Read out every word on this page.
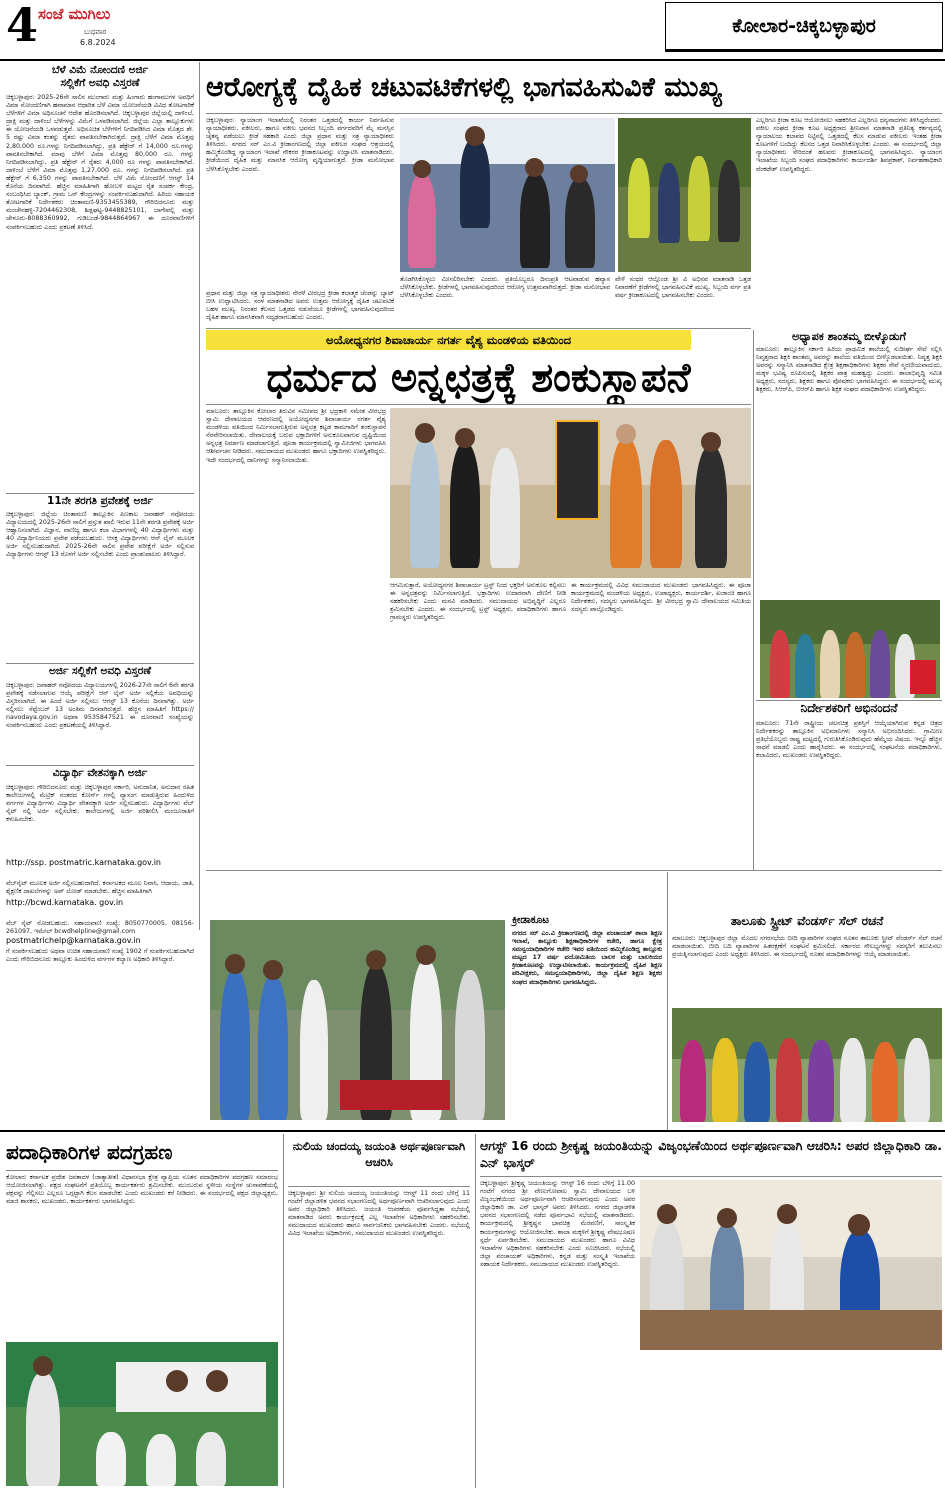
4 ಸಂಜೆ ಮುಗಿಲು
ಬುಧವಾರ
6.8.2024
ಕೋಲಾರ-ಚಿಕ್ಕಬಳ್ಳಾಪುರ
ಬೆಳೆ ವಿಮೆ ನೋಂದಣಿ ಅರ್ಜಿ ಸಲ್ಲಿಕೆಗೆ ಅವಧಿ ವಿಸ್ತರಣೆ
ಚಿಕ್ಕಬಳ್ಳಾಪುರ: 2025-26ನೇ ಸಾಲಿನ ಮುಂಗಾರು ಮತ್ತು ಹಿಂಗಾರು ಹಂಗಾಮುಗಳ ಅವಧಿಗೆ ವಿಮಾ ನೋಂದಣಿಗಾಗಿ ಹವಾಮಾನ ಆಧಾರಿತ ಬೆಳೆ ವಿಮಾ ಯೋಜನೆಯಡಿ ವಿವಿಧ ತೋಟಗಾರಿಕೆ ಬೆಳೆಗಳಿಗೆ ವಿಮಾ ಅಧಿಸೂಚನೆ ಆದೇಶ ಹೊರಡಿಸಲಾಗಿದೆ. ಚಿಕ್ಕಬಳ್ಳಾಪುರ ಜಿಲ್ಲೆಯಲ್ಲಿ ದಾಳಿಂಬೆ, ದ್ರಾಕ್ಷಿ ಮತ್ತು ದಾಳಿಂಬೆ ಬೆಳೆಗಳನ್ನು ವಿಮೆಗೆ ಒಳಪಡಿಸಲಾಗಿದೆ. ಜಿಲ್ಲೆಯ ಎಲ್ಲಾ ತಾಲ್ಲೂಕುಗಳು ಈ ಯೋಜನೆಯಡಿ ಒಳಪಡುತ್ತವೆ. ಅಧಿಸೂಚಿತ ಬೆಳೆಗಳಿಗೆ ನಿಗದಿಪಡಿಸಿದ ವಿಮಾ ಮೊತ್ತದ ಶೇ. 5 ರಷ್ಟು ವಿಮಾ ಕಂತನ್ನು ರೈತರು ಪಾವತಿಸಬೇಕಾಗಿರುತ್ತದೆ. ದ್ರಾಕ್ಷಿ ಬೆಳೆಗೆ ವಿಮಾ ಮೊತ್ತವು 2,80,000 ರೂ.ಗಳನ್ನು ನಿಗದಿಪಡಿಸಲಾಗಿದ್ದು, ಪ್ರತಿ ಹೆಕ್ಟೇರ್ ಗೆ 14,000 ರೂ.ಗಳನ್ನು ಪಾವತಿಸಬೇಕಾಗಿದೆ. ಮಾವು ಬೆಳೆಗೆ ವಿಮಾ ಮೊತ್ತವು 80,000 ರೂ. ಗಳನ್ನು ನಿಗದಿಪಡಿಸಲಾಗಿದ್ದು, ಪ್ರತಿ ಹೆಕ್ಟೇರ್ ಗೆ ರೈತರು 4,000 ರೂ ಗಳನ್ನು ಪಾವತಿಸಬೇಕಾಗಿದೆ. ದಾಳಿಂಬೆ ಬೆಳೆಗೆ ವಿಮಾ ಮೊತ್ತವು 1,27,000 ರೂ. ಗಳನ್ನು ನಿಗದಿಪಡಿಸಲಾಗಿದೆ. ಪ್ರತಿ ಹೆಕ್ಟೇರ್ ಗೆ 6,350 ಗಳನ್ನು ಪಾವತಿಸಬೇಕಾಗಿದೆ. ಬೆಳೆ ವಿಮೆ ನೋಂದಣಿಗೆ ಆಗಸ್ಟ್ 14 ಕೊನೆಯ ದಿನವಾಗಿದೆ. ಹೆಚ್ಚಿನ ಮಾಹಿತಿಗಾಗಿ ಹೋಬಳಿ ಮಟ್ಟದ ರೈತ ಸಂಪರ್ಕ ಕೇಂದ್ರ, ಸಂಬಂಧಿಸಿದ ಬ್ಯಾಂಕ್, ಗ್ರಾಮ ಒನ್ ಕೇಂದ್ರಗಳನ್ನು ಸಂಪರ್ಕಿಸಬಹುದಾಗಿದೆ. ಹಿರಿಯ ಸಹಾಯಕ ತೋಟಗಾರಿಕೆ ನಿರ್ದೇಶಕರು ಚಿಂತಾಮಣಿ-9353455389, ಗೌರಿಬಿದನೂರು ಮತ್ತು ಮಂಚೇನಹಳ್ಳಿ-7204462308, ಶಿಡ್ಲಘಟ್ಟ-9448825101, ಬಾಗೇಪಲ್ಲಿ ಮತ್ತು ಚೇಳೂರು-8088360992, ಗುಡಿಬಂಡೆ-9844864967 ಈ ದೂರವಾಣಿಗಳಿಗೆ ಸಂಪರ್ಕಿಸಬಹುದು ಎಂದು ಪ್ರಕಟಣೆ ತಿಳಿಸಿದೆ.
11ನೇ ತರಗತಿ ಪ್ರವೇಶಕ್ಕೆ ಅರ್ಜಿ
ಚಿಕ್ಕಬಳ್ಳಾಪುರ: ಜಿಲ್ಲೆಯ ಚಿಂತಾಮಣಿ ತಾಲ್ಲೂಕಿನ ಪಿಣಕಾಲ ಜವಾಹರ್ ನವೋದಯ ವಿದ್ಯಾಲಯದಲ್ಲಿ 2025-26ನೇ ಸಾಲಿಗೆ ಪ್ರಸ್ತುತ ಖಾಲಿ ಇರುವ 11ನೇ ತರಗತಿ ಪ್ರವೇಶಕ್ಕೆ ಅರ್ಜಿ ಆಹ್ವಾನಿಸಲಾಗಿದೆ. ವಿಜ್ಞಾನ, ವಾಣಿಜ್ಯ ಹಾಗೂ ಕಲಾ ವಿಭಾಗಗಳಲ್ಲಿ 40 ವಿದ್ಯಾರ್ಥಿಗಳು ಮತ್ತು 40 ವಿದ್ಯಾರ್ಥಿನಿಯರು ಪ್ರವೇಶ ಪಡೆಯಬಹುದು. ಆಸಕ್ತ ವಿದ್ಯಾರ್ಥಿಗಳು ಆನ್ ಲೈನ್ ಮೂಲಕ ಅರ್ಜಿ ಸಲ್ಲಿಸಬಹುದಾಗಿದೆ. 2025-26ನೇ ಸಾಲಿನ ಪ್ರವೇಶ ಪರೀಕ್ಷೆಗೆ ಅರ್ಜಿ ಸಲ್ಲಿಸುವ ವಿದ್ಯಾರ್ಥಿಗಳು ಆಗಸ್ಟ್ 13 ರೊಳಗೆ ಅರ್ಜಿ ಸಲ್ಲಿಸಬೇಕು ಎಂದು ಪ್ರಾಂಶುಪಾಲರು ತಿಳಿಸಿದ್ದಾರೆ.
ಅರ್ಜಿ ಸಲ್ಲಿಕೆಗೆ ಅವಧಿ ವಿಸ್ತರಣೆ
ಚಿಕ್ಕಬಳ್ಳಾಪುರ: ಜವಾಹರ್ ನವೋದಯ ವಿದ್ಯಾಲಯಗಳಲ್ಲಿ 2026-27ನೇ ಸಾಲಿಗೆ 6ನೇ ತರಗತಿ ಪ್ರವೇಶಕ್ಕೆ ನಡೆಸಲಾಗುವ ಆಯ್ಕೆ ಪರೀಕ್ಷೆಗೆ ಆನ್ ಲೈನ್ ಅರ್ಜಿ ಸಲ್ಲಿಕೆಯ ಅವಧಿಯನ್ನು ವಿಸ್ತರಿಸಲಾಗಿದೆ. ಈ ಹಿಂದೆ ಅರ್ಜಿ ಸಲ್ಲಿಸಲು ಆಗಸ್ಟ್ 13 ಕೊನೆಯ ದಿನವಾಗಿತ್ತು. ಅರ್ಜಿ ಸಲ್ಲಿಸಲು ಸೆಪ್ಟೆಂಬರ್ 13 ಅಂತಿಮ ದಿನವಾಗಿರುತ್ತದೆ. ಹೆಚ್ಚಿನ ಮಾಹಿತಿಗೆ https:// navodaya.gov.in ಅಥವಾ 9535847521 ಈ ದೂರವಾಣಿ ಸಂಖ್ಯೆಯನ್ನು ಸಂಪರ್ಕಿಸಬಹುದು ಎಂದು ಪ್ರಕಟಣೆಯಲ್ಲಿ ತಿಳಿಸಿದ್ದಾರೆ.
ವಿದ್ಯಾರ್ಥಿ ವೇತನಕ್ಕಾಗಿ ಅರ್ಜಿ
ಚಿಕ್ಕಬಳ್ಳಾಪುರ: ಗೌರಿಬಿದನೂರು ಮತ್ತು ಚಿಕ್ಕಬಳ್ಳಾಪುರ ಸರ್ಕಾರಿ, ಅನುದಾನಿತ, ಅನುದಾನ ರಹಿತ ಕಾಲೇಜುಗಳಲ್ಲಿ ಮೆಟ್ರಿಕ್ ನಂತರದ ಕೋರ್ಸ್ ಗಳಲ್ಲಿ ವ್ಯಾಸಂಗ ಮಾಡುತ್ತಿರುವ ಹಿಂದುಳಿದ ವರ್ಗಗಳ ವಿದ್ಯಾರ್ಥಿಗಳು ವಿದ್ಯಾರ್ಥಿ ವೇತನಕ್ಕಾಗಿ ಅರ್ಜಿ ಸಲ್ಲಿಸಬಹುದು. ವಿದ್ಯಾರ್ಥಿಗಳು ವೆಬ್ ಸೈಟ್ ನಲ್ಲಿ ಅರ್ಜಿ ಸಲ್ಲಿಸಬೇಕು. ಕಾಲೇಜುಗಳಲ್ಲಿ ಅರ್ಜಿ ಪರಿಶೀಲಿಸಿ ಮಂಜೂರಾತಿಗೆ ಕಳುಹಿಸಬೇಕು.
http://ssp. postmatric.karnataka.gov.in
ವೆಬ್‌ಸೈಟ್ ಮೂಲಕ ಅರ್ಜಿ ಸಲ್ಲಿಸಬಹುದಾಗಿದೆ. ಕರ್ನಾಟಕದ ಮೂಲ ನಿವಾಸಿ, ಆದಾಯ, ಜಾತಿ, ಶೈಕ್ಷಣಿಕ ದಾಖಲೆಗಳನ್ನು ಅಪ್ ಲೋಡ್ ಮಾಡಬೇಕು. ಹೆಚ್ಚಿನ ಮಾಹಿತಿಗಾಗಿ
http://bcwd.karnataka. gov.in
ವೆಬ್ ಸೈಟ್ ನೋಡಬಹುದು. ಸಹಾಯವಾಣಿ ಸಂಖ್ಯೆ: 8050770005, 08156-261097, ಇಮೇಲ್ bcwdhelpline@gmail.com
postmatrichelp@karnataka.gov.in
ಗೆ ಸಂಪರ್ಕಿಸಬಹುದು ಅಥವಾ ಉಚಿತ ಸಹಾಯವಾಣಿ ಸಂಖ್ಯೆ 1902 ಗೆ ಸಂಪರ್ಕಿಸಬಹುದಾಗಿದೆ ಎಂದು ಗೌರಿಬಿದನೂರು ತಾಲ್ಲೂಕು ಹಿಂದುಳಿದ ವರ್ಗಗಳ ಕಲ್ಯಾಣ ಅಧಿಕಾರಿ ತಿಳಿಸಿದ್ದಾರೆ.
ಆರೋಗ್ಯಕ್ಕೆ ದೈಹಿಕ ಚಟುವಟಿಕೆಗಳಲ್ಲಿ ಭಾಗವಹಿಸುವಿಕೆ ಮುಖ್ಯ
ಚಿಕ್ಕಬಳ್ಳಾಪುರ: ನ್ಯಾಯಾಂಗ ಇಲಾಖೆಯಲ್ಲಿ ನಿರಂತರ ಒತ್ತಡದಲ್ಲಿ ಕಾರ್ಯ ನಿರ್ವಹಿಸುವ ನ್ಯಾಯಾಧೀಶರು, ವಕೀಲರು, ಹಾಗೂ ವಕೀಲ ಭವನದ ಸಿಬ್ಬಂದಿ ವರ್ಗದವರಿಗೆ ಮೈ ಮನಸ್ಸಿನ ಚೈತನ್ಯ ಪಡೆಯಲು ಕ್ರೀಡೆ ಸಹಕಾರಿ ಎಂದು ಜಿಲ್ಲಾ ಪ್ರಧಾನ ಮತ್ತು ಸತ್ರ ನ್ಯಾಯಾಧೀಶರು ತಿಳಿಸಿದರು. ನಗರದ ಸರ್ ಎಂ.ವಿ ಕ್ರೀಡಾಂಗಣದಲ್ಲಿ ಜಿಲ್ಲಾ ವಕೀಲರ ಸಂಘದ ಆಶ್ರಯದಲ್ಲಿ ಹಮ್ಮಿಕೊಂಡಿದ್ದ ನ್ಯಾಯಾಂಗ ಇಲಾಖೆ ನೌಕರರ ಕ್ರೀಡಾಕೂಟವನ್ನು ಉದ್ಘಾಟಿಸಿ ಮಾತನಾಡಿದರು. ಕ್ರೀಡೆಯಿಂದ ದೈಹಿಕ ಮತ್ತು ಮಾನಸಿಕ ಆರೋಗ್ಯ ವೃದ್ಧಿಯಾಗುತ್ತದೆ. ಕ್ರೀಡಾ ಮನೋಭಾವ ಬೆಳೆಸಿಕೊಳ್ಳಬೇಕು ಎಂದರು.
ಪ್ರಧಾನ ಮತ್ತು ಜಿಲ್ಲಾ ಸತ್ರ ನ್ಯಾಯಾಧೀಶರು ನೇರಳೆ ವೀರಭದ್ರ ಕ್ರೀಡಾ ಕಲಾತ್ಮಕ ಚೆಂಡನ್ನು ಬ್ಯಾಟ್ ಬೀಸಿ ಉದ್ಘಾಟಿಸಿದರು. ಸರಳ ಮಾತನಾಡಿದ ಅವರು ಉತ್ತಮ ಆರೋಗ್ಯಕ್ಕೆ ದೈಹಿಕ ಚಟುವಟಿಕೆ ಬಹಳ ಮುಖ್ಯ. ನಿರಂತರ ಕೆಲಸದ ಒತ್ತಡದ ನಡುವೆಯೂ ಕ್ರೀಡೆಗಳಲ್ಲಿ ಭಾಗವಹಿಸುವುದರಿಂದ ದೈಹಿಕ ಹಾಗೂ ಮಾನಸಿಕವಾಗಿ ಸದೃಢರಾಗಬಹುದು ಎಂದರು.
ತೊಡಗಿಸಿಕೊಳ್ಳಲು ಮೀಸಲಿರಿಸಬೇಕು ಎಂದರು. ಪ್ರತಿಯೊಬ್ಬರೂ ದಿನಂಪ್ರತಿ ಆಟವಾಡುವ ಹವ್ಯಾಸ ಬೆಳೆಸಿಕೊಳ್ಳಬೇಕು. ಕ್ರೀಡೆಗಳಲ್ಲಿ ಭಾಗವಹಿಸುವುದರಿಂದ ಆರೋಗ್ಯ ಉತ್ತಮವಾಗಿರುತ್ತದೆ. ಕ್ರೀಡಾ ಮನೋಭಾವ ಬೆಳೆಸಿಕೊಳ್ಳಬೇಕು ಎಂದರು.
ವೇಳೆ ಸಂಧರ ಆಲ್ಗೊಂಡ ಶ್ರೀ ವಿ ಅಭಿನವ ಮಾತನಾಡಿ ಒತ್ತಡ ನಿವಾರಣೆಗೆ ಕ್ರೀಡೆಗಳಲ್ಲಿ ಭಾಗವಹಿಸುವಿಕೆ ಮುಖ್ಯ. ಸಿಬ್ಬಂದಿ ವರ್ಗ ಪ್ರತಿ ವರ್ಷ ಕ್ರೀಡಾಕೂಟದಲ್ಲಿ ಭಾಗವಹಿಸಬೇಕು ಎಂದರು.
ಎಲ್ಲರಿಗೂ ಕ್ರೀಡಾ ಕೂಟ ಆಯೋಜಿಸಲು ಸಹಕರಿಸಿದ ಎಲ್ಲರಿಗೂ ಧನ್ಯವಾದಗಳು ತಿಳಿಸಿದ್ದರೆಂದರು. ವಕೀಲ ಸಂಘದ ಕ್ರೀಡಾ ಕೂಟ ಅಧ್ಯಕ್ಷರಾದ ಶ್ರೀನಿವಾಸ ಮಾತನಾಡಿ ಪ್ರತಿನಿತ್ಯ ಕರ್ತವ್ಯದಲ್ಲಿ ನ್ಯಾಯಾಲಯ ಕಲಾಪದ ನಿಟ್ಟಿನಲ್ಲಿ ಒತ್ತಡದಲ್ಲಿ ಕೆಲಸ ಮಾಡುವ ವಕೀಲರು ಇಂತಹ ಕ್ರೀಡಾ ಕೂಟಗಳಿಗೆ ಬಂದಿದ್ದು ಕೆಲಸದ ಒತ್ತಡ ನಿವಾರಿಸಿಕೊಳ್ಳಬೇಕು ಎಂದರು. ಈ ಸಂದರ್ಭದಲ್ಲಿ ಜಿಲ್ಲಾ ನ್ಯಾಯಾಧೀಶರು ಸೇರಿದಂತೆ ಹಲವರು ಕ್ರೀಡಾಕೂಟದಲ್ಲಿ ಭಾಗವಹಿಸಿದ್ದರು. ನ್ಯಾಯಾಂಗ ಇಲಾಖೆಯ ಸಿಬ್ಬಂದಿ ಸಂಘದ ಪದಾಧಿಕಾರಿಗಳು ಕಾರ್ಯದರ್ಶಿ ಶಿವಪ್ರಕಾಶ್, ನಿರ್ವಹಣಾಧಿಕಾರಿ ವೆಂಕಟೇಶ್ ಉಪಸ್ಥಿತರಿದ್ದರು.
ಅಯೋಧ್ಯನಗರ ಶಿವಾಚಾರ್ಯ ನಗರ್ತ ವೈಶ್ಯ ಮಂಡಳಿಯ ವತಿಯಿಂದ
ಧರ್ಮದ ಅನ್ನಛತ್ರಕ್ಕೆ ಶಂಕುಸ್ಥಾಪನೆ
ಮಾಲೂರು: ತಾಲ್ಲೂಕಿನ ಕೋಲಾರ ತಿರುವಿನ ಸಮೀಪದ ಶ್ರೀ ಭದ್ರಕಾಳಿ ಸಮೇತ ವೀರಭದ್ರ ಸ್ವಾಮಿ ದೇವಾಲಯದ ಆವರಣದಲ್ಲಿ ಅಯೋಧ್ಯನಗರ ಶಿವಾಚಾರ್ಯ ನಗರ್ತ ವೈಶ್ಯ ಮಂಡಳಿಯ ವತಿಯಿಂದ ನಿರ್ಮಿಸಲಾಗುತ್ತಿರುವ ಅನ್ನಛತ್ರ ಕಟ್ಟಡ ಕಾಮಗಾರಿಗೆ ಶಂಕುಸ್ಥಾಪನೆ ನೆರವೇರಿಸಲಾಯಿತು. ದೇವಾಲಯಕ್ಕೆ ಬರುವ ಭಕ್ತಾದಿಗಳಿಗೆ ಅನುಕೂಲವಾಗುವ ದೃಷ್ಟಿಯಿಂದ ಅನ್ನಛತ್ರ ನಿರ್ಮಾಣ ಮಾಡಲಾಗುತ್ತಿದೆ. ಪೂಜಾ ಕಾರ್ಯಕ್ರಮದಲ್ಲಿ ಸ್ವಾಮೀಜಿಗಳು ಭಾಗವಹಿಸಿ ಆಶೀರ್ವಚನ ನೀಡಿದರು. ಸಮುದಾಯದ ಮುಖಂಡರು ಹಾಗೂ ಭಕ್ತಾದಿಗಳು ಉಪಸ್ಥಿತರಿದ್ದರು. ಇದೇ ಸಂದರ್ಭದಲ್ಲಿ ದಾನಿಗಳನ್ನು ಸನ್ಮಾನಿಸಲಾಯಿತು.
ಆಗಮಿಸುತ್ತಾರೆ, ಅಯೋಧ್ಯನಗರ ಶಿವಾಚಾರ್ಯ ಟ್ರಸ್ಟ್ ನಿಂದ ಭಕ್ತರಿಗೆ ಅನುಕೂಲ ಕಲ್ಪಿಸಲು ಈ ಅನ್ನಛತ್ರವನ್ನು ನಿರ್ಮಿಸಲಾಗುತ್ತಿದೆ. ಭಕ್ತಾದಿಗಳು ಉದಾರವಾಗಿ ದೇಣಿಗೆ ನೀಡಿ ಸಹಕರಿಸಬೇಕು ಎಂದು ಮನವಿ ಮಾಡಿದರು. ಸಮುದಾಯದ ಅಭಿವೃದ್ಧಿಗೆ ಎಲ್ಲರೂ ಶ್ರಮಿಸಬೇಕು ಎಂದರು. ಈ ಸಂದರ್ಭದಲ್ಲಿ ಟ್ರಸ್ಟ್ ಅಧ್ಯಕ್ಷರು, ಪದಾಧಿಕಾರಿಗಳು ಹಾಗೂ ಗ್ರಾಮಸ್ಥರು ಉಪಸ್ಥಿತರಿದ್ದರು.
ಈ ಕಾರ್ಯಕ್ರಮದಲ್ಲಿ ವಿವಿಧ ಸಮುದಾಯದ ಮುಖಂಡರು ಭಾಗವಹಿಸಿದ್ದರು. ಈ ಪೂಜಾ ಕಾರ್ಯಕ್ರಮದಲ್ಲಿ ಮಂಡಳಿಯ ಅಧ್ಯಕ್ಷರು, ಉಪಾಧ್ಯಕ್ಷರು, ಕಾರ್ಯದರ್ಶಿ, ಖಜಾಂಚಿ ಹಾಗೂ ನಿರ್ದೇಶಕರು, ಸದಸ್ಯರು ಭಾಗವಹಿಸಿದ್ದರು. ಶ್ರೀ ವೀರಭದ್ರ ಸ್ವಾಮಿ ದೇವಾಲಯದ ಸಮಿತಿಯ ಸದಸ್ಯರು ಪಾಲ್ಗೊಂಡಿದ್ದರು.
ಅಧ್ಯಾಪಕ ಶಾಂತಮ್ಮ ಬೀಳ್ಕೊಡುಗೆ
ಮಾಲೂರು: ತಾಲ್ಲೂಕಿನ ಸರ್ಕಾರಿ ಹಿರಿಯ ಪ್ರಾಥಮಿಕ ಶಾಲೆಯಲ್ಲಿ ಸುದೀರ್ಘ ಸೇವೆ ಸಲ್ಲಿಸಿ ನಿವೃತ್ತರಾದ ಶಿಕ್ಷಕಿ ಶಾಂತಮ್ಮ ಅವರನ್ನು ಶಾಲೆಯ ವತಿಯಿಂದ ಬೀಳ್ಕೊಡಲಾಯಿತು. ನಿವೃತ್ತ ಶಿಕ್ಷಕಿ ಅವರನ್ನು ಸನ್ಮಾನಿಸಿ ಮಾತನಾಡಿದ ಕ್ಷೇತ್ರ ಶಿಕ್ಷಣಾಧಿಕಾರಿಗಳು ಶಿಕ್ಷಕರ ಸೇವೆ ಸ್ಮರಣೀಯವಾದುದು, ಮಕ್ಕಳ ಭವಿಷ್ಯ ರೂಪಿಸುವಲ್ಲಿ ಶಿಕ್ಷಕರ ಪಾತ್ರ ಮಹತ್ವದ್ದು ಎಂದರು. ಶಾಲಾಭಿವೃದ್ಧಿ ಸಮಿತಿ ಅಧ್ಯಕ್ಷರು, ಸದಸ್ಯರು, ಶಿಕ್ಷಕರು ಹಾಗೂ ಪೋಷಕರು ಭಾಗವಹಿಸಿದ್ದರು. ಈ ಸಂದರ್ಭದಲ್ಲಿ ಮುಖ್ಯ ಶಿಕ್ಷಕರು, ಸಿಆರ್‌ಪಿ, ಬಿಆರ್‌ಪಿ ಹಾಗೂ ಶಿಕ್ಷಕ ಸಂಘದ ಪದಾಧಿಕಾರಿಗಳು ಉಪಸ್ಥಿತರಿದ್ದರು.
ನಿರ್ದೇಶಕರಿಗೆ ಅಭಿನಂದನೆ
ಮಾಲೂರು: 71ನೇ ರಾಷ್ಟ್ರೀಯ ಚಲನಚಿತ್ರ ಪ್ರಶಸ್ತಿಗೆ ಆಯ್ಕೆಯಾಗಿರುವ ಕನ್ನಡ ಚಿತ್ರದ ನಿರ್ದೇಶಕರನ್ನು ತಾಲ್ಲೂಕಿನ ಅಭಿಮಾನಿಗಳು ಸನ್ಮಾನಿಸಿ ಅಭಿನಂದಿಸಿದರು. ಗ್ರಾಮೀಣ ಪ್ರತಿಭೆಯೊಬ್ಬರು ರಾಷ್ಟ್ರ ಮಟ್ಟದಲ್ಲಿ ಗುರುತಿಸಿಕೊಂಡಿರುವುದು ಹೆಮ್ಮೆಯ ವಿಷಯ. ಇನ್ನೂ ಹೆಚ್ಚಿನ ಸಾಧನೆ ಮಾಡಲಿ ಎಂದು ಹಾರೈಸಿದರು. ಈ ಸಂದರ್ಭದಲ್ಲಿ ಸಂಘಟನೆಯ ಪದಾಧಿಕಾರಿಗಳು, ಕಲಾವಿದರು, ಮುಖಂಡರು ಉಪಸ್ಥಿತರಿದ್ದರು.
ಕ್ರೀಡಾಕೂಟ
ನಗರದ ಸರ್ ಎಂ.ವಿ ಕ್ರೀಡಾಂಗಣದಲ್ಲಿ ಜಿಲ್ಲಾ ಪಂಚಾಯತ್ ಶಾಲಾ ಶಿಕ್ಷಣ ಇಲಾಖೆ, ತಾಲ್ಲೂಕು ಶಿಕ್ಷಣಾಧಿಕಾರಿಗಳ ಕಚೇರಿ, ಹಾಗೂ ಕ್ಷೇತ್ರ ಸಮನ್ವಯಾಧಿಕಾರಿಗಳ ಕಚೇರಿ ಇವರ ವತಿಯಿಂದ ಹಮ್ಮಿಕೊಂಡಿದ್ದ ತಾಲ್ಲೂಕು ಮಟ್ಟದ 17 ವರ್ಷ ವಯೋಮಿತಿಯ ಬಾಲಕ ಮತ್ತು ಬಾಲಕಿಯರ ಕ್ರೀಡಾಕೂಟವನ್ನು ಉದ್ಘಾಟಿಸಲಾಯಿತು. ಕಾರ್ಯಕ್ರಮದಲ್ಲಿ ದೈಹಿಕ ಶಿಕ್ಷಣ ಪರಿವೀಕ್ಷಕರು, ಸಮನ್ವಯಾಧಿಕಾರಿಗಳು, ಜಿಲ್ಲಾ ದೈಹಿಕ ಶಿಕ್ಷಣ ಶಿಕ್ಷಕರ ಸಂಘದ ಪದಾಧಿಕಾರಿಗಳು ಭಾಗವಹಿಸಿದ್ದರು.
ತಾಲೂಕು ಸ್ಟ್ರೀಟ್ ವೆಂಡರ್ಸ್ ಸೆಲ್ ರಚನೆ
ಮಾಲೂರು: ಚಿಕ್ಕಬಳ್ಳಾಪುರ ಜಿಲ್ಲಾ ಮೊದಲ ನಗರಸಭೆಯ ಬೀದಿ ವ್ಯಾಪಾರಿಗಳ ಸಂಘದ ನೂತನ ತಾಲೂಕು ಸ್ಟ್ರೀಟ್ ವೆಂಡರ್ಸ್ ಸೆಲ್ ರಚನೆ ಮಾಡಲಾಯಿತು. ಬೀದಿ ಬದಿ ವ್ಯಾಪಾರಿಗಳ ಹಿತರಕ್ಷಣೆಗೆ ಸಂಘಟನೆ ಶ್ರಮಿಸಲಿದೆ. ಸರ್ಕಾರದ ಸೌಲಭ್ಯಗಳನ್ನು ಸದಸ್ಯರಿಗೆ ತಲುಪಿಸಲು ಪ್ರಯತ್ನಿಸಲಾಗುವುದು ಎಂದು ಅಧ್ಯಕ್ಷರು ತಿಳಿಸಿದರು. ಈ ಸಂದರ್ಭದಲ್ಲಿ ನೂತನ ಪದಾಧಿಕಾರಿಗಳನ್ನು ಆಯ್ಕೆ ಮಾಡಲಾಯಿತು.
ಪದಾಧಿಕಾರಿಗಳ ಪದಗ್ರಹಣ
ಕೋಲಾರ: ಕರ್ನಾಟಕ ಪ್ರದೇಶ ಜನತಾದಳ (ಜಾತ್ಯಾತೀತ) ವಿಧಾನಸಭಾ ಕ್ಷೇತ್ರ ವ್ಯಾಪ್ತಿಯ ನೂತನ ಪದಾಧಿಕಾರಿಗಳ ಪದಗ್ರಹಣ ಸಮಾರಂಭ ಆಯೋಜಿಸಲಾಗಿತ್ತು. ಪಕ್ಷದ ಸಂಘಟನೆಗೆ ಪ್ರತಿಯೊಬ್ಬ ಕಾರ್ಯಕರ್ತರು ಶ್ರಮಿಸಬೇಕು. ಮುಂಬರುವ ಸ್ಥಳೀಯ ಸಂಸ್ಥೆಗಳ ಚುನಾವಣೆಯಲ್ಲಿ ಪಕ್ಷವನ್ನು ಗೆಲ್ಲಿಸಲು ಎಲ್ಲರೂ ಒಗ್ಗಟ್ಟಾಗಿ ಕೆಲಸ ಮಾಡಬೇಕು ಎಂದು ಮುಖಂಡರು ಕರೆ ನೀಡಿದರು. ಈ ಸಂದರ್ಭದಲ್ಲಿ ಪಕ್ಷದ ಜಿಲ್ಲಾಧ್ಯಕ್ಷರು, ಮಾಜಿ ಶಾಸಕರು, ಮುಖಂಡರು, ಕಾರ್ಯಕರ್ತರು ಭಾಗವಹಿಸಿದ್ದರು.
ನುಲಿಯ ಚಂದಯ್ಯ ಜಯಂತಿ ಅರ್ಥಪೂರ್ಣವಾಗಿ ಆಚರಿಸಿ
ಚಿಕ್ಕಬಳ್ಳಾಪುರ: ಶ್ರೀ ನುಲಿಯ ಚಂದಯ್ಯ ಜಯಂತಿಯನ್ನು ಆಗಸ್ಟ್ 11 ರಂದು ಬೆಳಿಗ್ಗೆ 11 ಗಂಟೆಗೆ ಜಿಲ್ಲಾಡಳಿತ ಭವನದ ಸಭಾಂಗಣದಲ್ಲಿ ಅರ್ಥಪೂರ್ಣವಾಗಿ ಆಚರಿಸಲಾಗುವುದು ಎಂದು ಅಪರ ಜಿಲ್ಲಾಧಿಕಾರಿ ತಿಳಿಸಿದರು. ಜಯಂತಿ ಆಚರಣೆಯ ಪೂರ್ವಸಿದ್ಧತಾ ಸಭೆಯಲ್ಲಿ ಮಾತನಾಡಿದ ಅವರು ಕಾರ್ಯಕ್ರಮಕ್ಕೆ ಎಲ್ಲ ಇಲಾಖೆಗಳ ಅಧಿಕಾರಿಗಳು ಸಹಕರಿಸಬೇಕು. ಸಮುದಾಯದ ಮುಖಂಡರು ಹಾಗೂ ಸಾರ್ವಜನಿಕರು ಭಾಗವಹಿಸಬೇಕು ಎಂದರು. ಸಭೆಯಲ್ಲಿ ವಿವಿಧ ಇಲಾಖೆಯ ಅಧಿಕಾರಿಗಳು, ಸಮುದಾಯದ ಮುಖಂಡರು ಉಪಸ್ಥಿತರಿದ್ದರು.
ಆಗಸ್ಟ್ 16 ರಂದು ಶ್ರೀಕೃಷ್ಣ ಜಯಂತಿಯನ್ನು ವಿಜೃಂಭಣೆಯಿಂದ ಅರ್ಥಪೂರ್ಣವಾಗಿ ಆಚರಿಸಿ: ಅಪರ ಜಿಲ್ಲಾಧಿಕಾರಿ ಡಾ. ಎನ್ ಭಾಸ್ಕರ್
ಚಿಕ್ಕಬಳ್ಳಾಪುರ: ಶ್ರೀಕೃಷ್ಣ ಜಯಂತಿಯನ್ನು ಆಗಸ್ಟ್ 16 ರಂದು ಬೆಳಿಗ್ಗೆ 11.00 ಗಂಟೆಗೆ ನಗರದ ಶ್ರೀ ವೇಣುಗೋಪಾಲ ಸ್ವಾಮಿ ದೇವಾಲಯದ ಬಳಿ ವಿಜೃಂಭಣೆಯಿಂದ ಅರ್ಥಪೂರ್ಣವಾಗಿ ಆಚರಿಸಲಾಗುವುದು ಎಂದು ಅಪರ ಜಿಲ್ಲಾಧಿಕಾರಿ ಡಾ. ಎನ್ ಭಾಸ್ಕರ್ ಅವರು ತಿಳಿಸಿದರು. ನಗರದ ಜಿಲ್ಲಾಡಳಿತ ಭವನದ ಸಭಾಂಗಣದಲ್ಲಿ ನಡೆದ ಪೂರ್ವಭಾವಿ ಸಭೆಯಲ್ಲಿ ಮಾತನಾಡಿದರು. ಕಾರ್ಯಕ್ರಮದಲ್ಲಿ ಶ್ರೀಕೃಷ್ಣನ ಭಾವಚಿತ್ರ ಮೆರವಣಿಗೆ, ಸಾಂಸ್ಕೃತಿಕ ಕಾರ್ಯಕ್ರಮಗಳನ್ನು ಆಯೋಜಿಸಬೇಕು. ಶಾಲಾ ಮಕ್ಕಳಿಗೆ ಶ್ರೀಕೃಷ್ಣ ವೇಷಭೂಷಣ ಸ್ಪರ್ಧೆ ಏರ್ಪಡಿಸಬೇಕು. ಸಮುದಾಯದ ಮುಖಂಡರು ಹಾಗೂ ವಿವಿಧ ಇಲಾಖೆಗಳ ಅಧಿಕಾರಿಗಳು ಸಹಕರಿಸಬೇಕು ಎಂದು ಸೂಚಿಸಿದರು. ಸಭೆಯಲ್ಲಿ ಜಿಲ್ಲಾ ಪಂಚಾಯತ್ ಅಧಿಕಾರಿಗಳು, ಕನ್ನಡ ಮತ್ತು ಸಂಸ್ಕೃತಿ ಇಲಾಖೆಯ ಸಹಾಯಕ ನಿರ್ದೇಶಕರು, ಸಮುದಾಯದ ಮುಖಂಡರು ಉಪಸ್ಥಿತರಿದ್ದರು.
